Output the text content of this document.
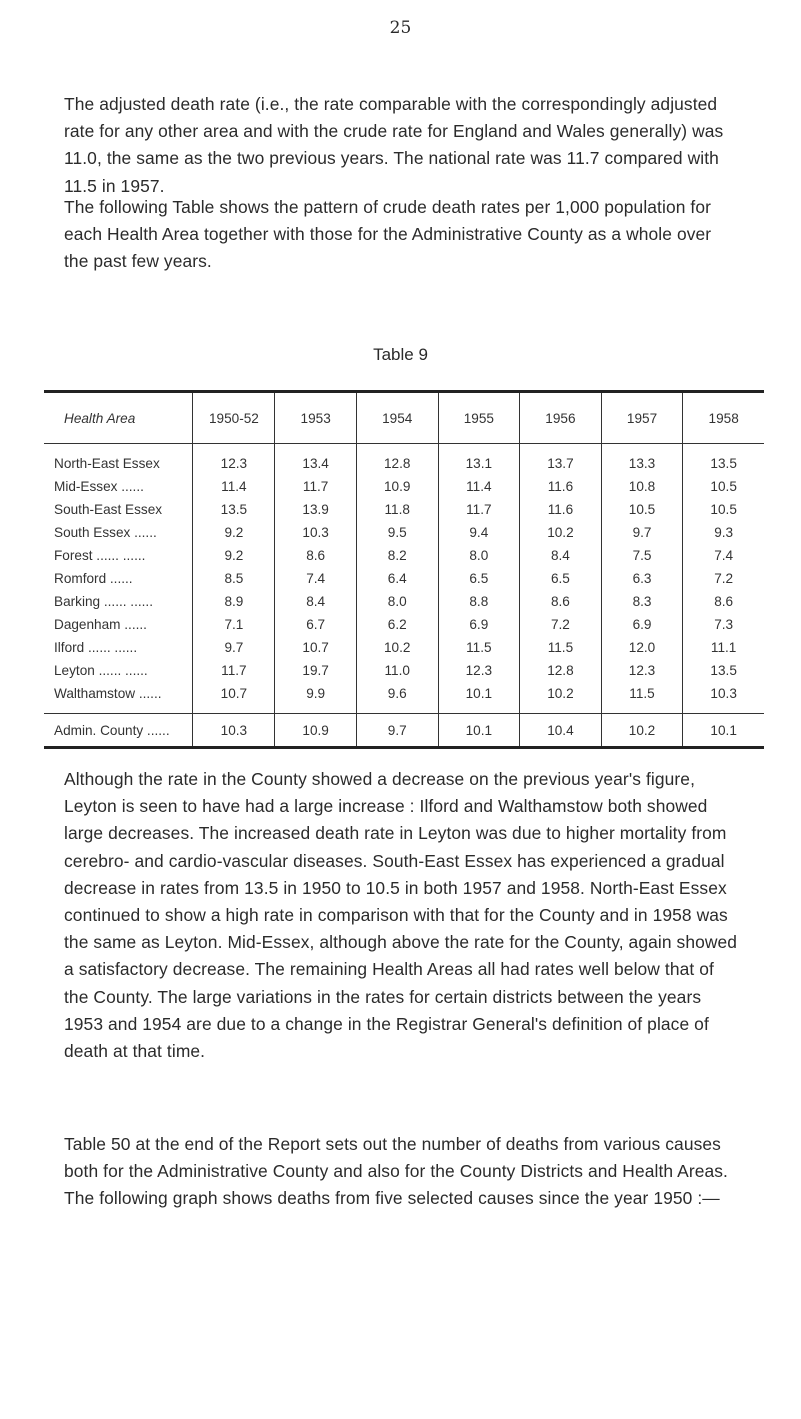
25

The adjusted death rate (i.e., the rate comparable with the correspondingly adjusted rate for any other area and with the crude rate for England and Wales generally) was 11.0, the same as the two previous years. The national rate was 11.7 compared with 11.5 in 1957.

The following Table shows the pattern of crude death rates per 1,000 population for each Health Area together with those for the Administrative County as a whole over the past few years.

Table 9
Health Area	1950-52	1953	1954	1955	1956	1957	1958
North-East Essex	12.3	13.4	12.8	13.1	13.7	13.3	13.5
Mid-Essex ......	11.4	11.7	10.9	11.4	11.6	10.8	10.5
South-East Essex	13.5	13.9	11.8	11.7	11.6	10.5	10.5
South Essex ......	9.2	10.3	9.5	9.4	10.2	9.7	9.3
Forest ...... ......	9.2	8.6	8.2	8.0	8.4	7.5	7.4
Romford ......	8.5	7.4	6.4	6.5	6.5	6.3	7.2
Barking ...... ......	8.9	8.4	8.0	8.8	8.6	8.3	8.6
Dagenham ......	7.1	6.7	6.2	6.9	7.2	6.9	7.3
Ilford ...... ......	9.7	10.7	10.2	11.5	11.5	12.0	11.1
Leyton ...... ......	11.7	19.7	11.0	12.3	12.8	12.3	13.5
Walthamstow ......	10.7	9.9	9.6	10.1	10.2	11.5	10.3
Admin. County ......	10.3	10.9	9.7	10.1	10.4	10.2	10.1

Although the rate in the County showed a decrease on the previous year's figure, Leyton is seen to have had a large increase : Ilford and Walthamstow both showed large decreases. The increased death rate in Leyton was due to higher mortality from cerebro- and cardio-vascular diseases. South-East Essex has experienced a gradual decrease in rates from 13.5 in 1950 to 10.5 in both 1957 and 1958. North-East Essex continued to show a high rate in comparison with that for the County and in 1958 was the same as Leyton. Mid-Essex, although above the rate for the County, again showed a satisfactory decrease. The remaining Health Areas all had rates well below that of the County. The large variations in the rates for certain districts between the years 1953 and 1954 are due to a change in the Registrar General's definition of place of death at that time.

Table 50 at the end of the Report sets out the number of deaths from various causes both for the Administrative County and also for the County Districts and Health Areas. The following graph shows deaths from five selected causes since the year 1950 :—
